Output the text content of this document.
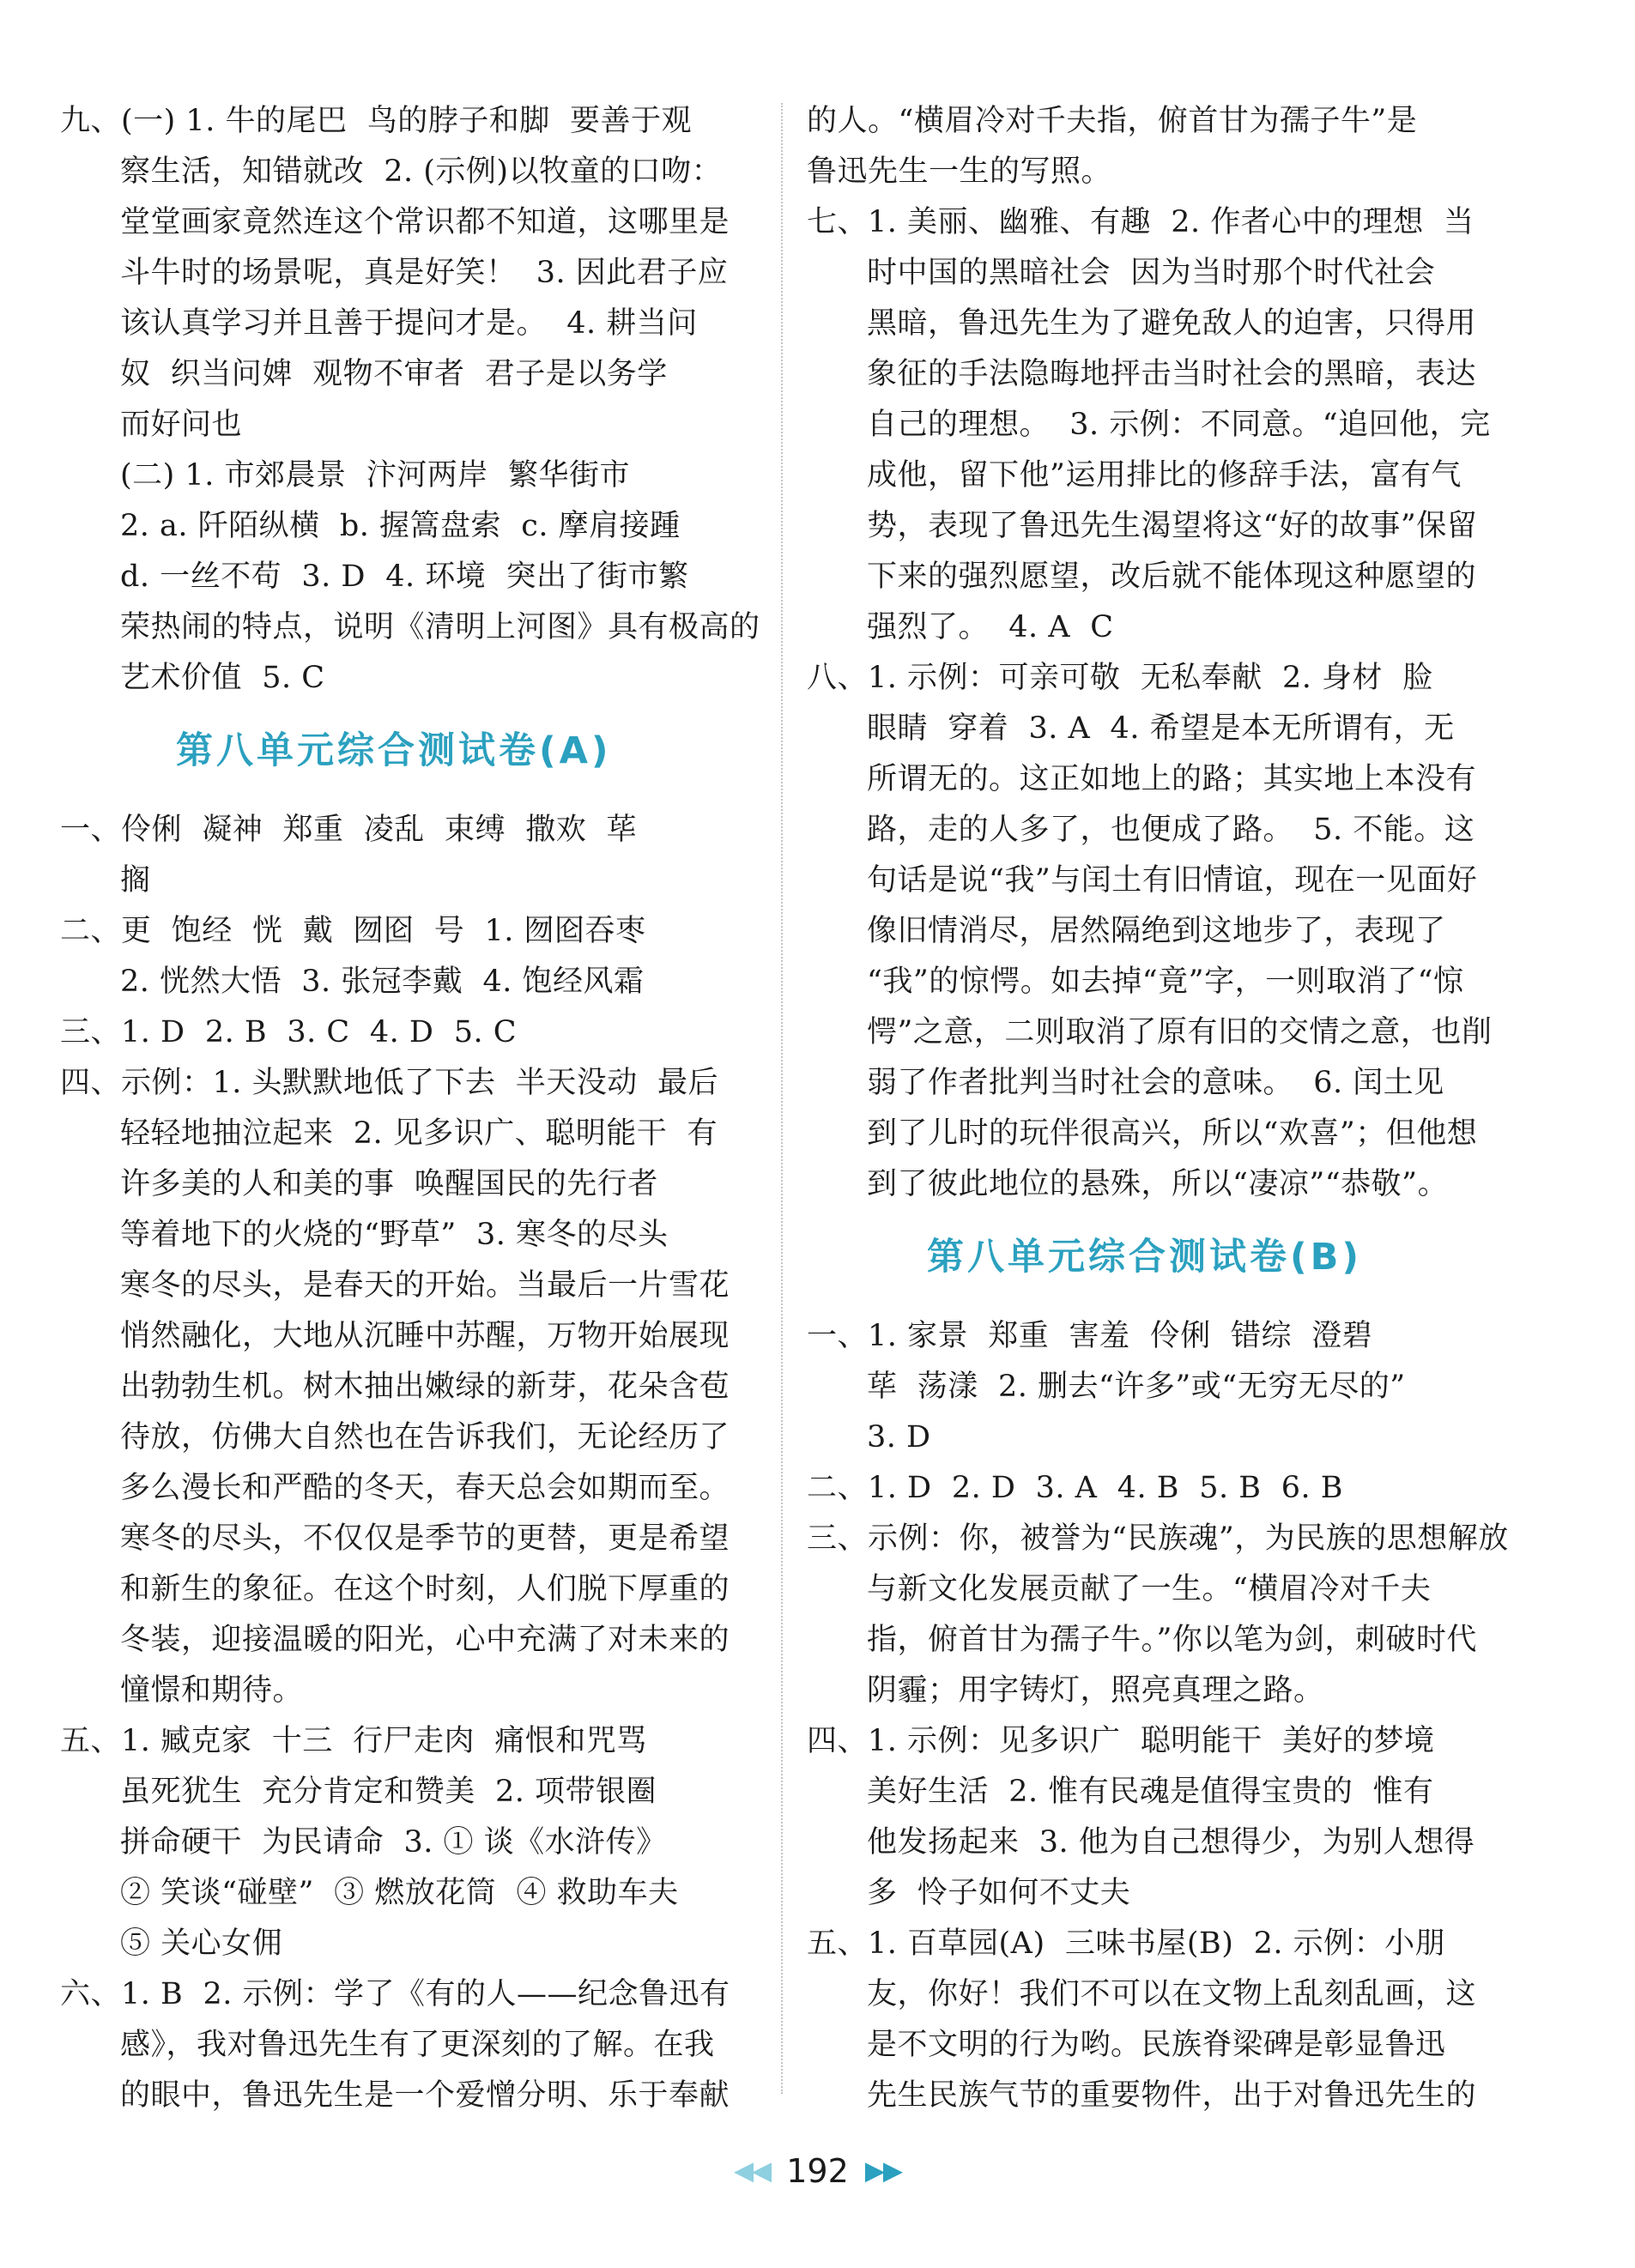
九、(一) 1. 牛的尾巴  鸟的脖子和脚  要善于观
察生活，知错就改  2. (示例)以牧童的口吻：
堂堂画家竟然连这个常识都不知道，这哪里是
斗牛时的场景呢，真是好笑！  3. 因此君子应
该认真学习并且善于提问才是。  4. 耕当问
奴  织当问婢  观物不审者  君子是以务学
而好问也
(二) 1. 市郊晨景  汴河两岸  繁华街市
2. a. 阡陌纵横  b. 握篙盘索  c. 摩肩接踵
d. 一丝不苟  3. D  4. 环境  突出了街市繁
荣热闹的特点，说明《清明上河图》具有极高的
艺术价值  5. C
第八单元综合测试卷(A)
一、伶俐  凝神  郑重  凌乱  束缚  撒欢  荜
搁
二、更  饱经  恍  戴  囫囵  号  1. 囫囵吞枣
2. 恍然大悟  3. 张冠李戴  4. 饱经风霜
三、1. D  2. B  3. C  4. D  5. C
四、示例：1. 头默默地低了下去  半天没动  最后
轻轻地抽泣起来  2. 见多识广、聪明能干  有
许多美的人和美的事  唤醒国民的先行者
等着地下的火烧的“野草”  3. 寒冬的尽头
寒冬的尽头，是春天的开始。当最后一片雪花
悄然融化，大地从沉睡中苏醒，万物开始展现
出勃勃生机。树木抽出嫩绿的新芽，花朵含苞
待放，仿佛大自然也在告诉我们，无论经历了
多么漫长和严酷的冬天，春天总会如期而至。
寒冬的尽头，不仅仅是季节的更替，更是希望
和新生的象征。在这个时刻，人们脱下厚重的
冬装，迎接温暖的阳光，心中充满了对未来的
憧憬和期待。
五、1. 臧克家  十三  行尸走肉  痛恨和咒骂
虽死犹生  充分肯定和赞美  2. 项带银圈
拼命硬干  为民请命  3. ① 谈《水浒传》
② 笑谈“碰壁”  ③ 燃放花筒  ④ 救助车夫
⑤ 关心女佣
六、1. B  2. 示例：学了《有的人——纪念鲁迅有
感》，我对鲁迅先生有了更深刻的了解。在我
的眼中，鲁迅先生是一个爱憎分明、乐于奉献
的人。“横眉冷对千夫指，俯首甘为孺子牛”是
鲁迅先生一生的写照。
七、1. 美丽、幽雅、有趣  2. 作者心中的理想  当
时中国的黑暗社会  因为当时那个时代社会
黑暗，鲁迅先生为了避免敌人的迫害，只得用
象征的手法隐晦地抨击当时社会的黑暗，表达
自己的理想。  3. 示例：不同意。“追回他，完
成他，留下他”运用排比的修辞手法，富有气
势，表现了鲁迅先生渴望将这“好的故事”保留
下来的强烈愿望，改后就不能体现这种愿望的
强烈了。  4. A  C
八、1. 示例：可亲可敬  无私奉献  2. 身材  脸
眼睛  穿着  3. A  4. 希望是本无所谓有，无
所谓无的。这正如地上的路；其实地上本没有
路，走的人多了，也便成了路。  5. 不能。这
句话是说“我”与闰土有旧情谊，现在一见面好
像旧情消尽，居然隔绝到这地步了，表现了
“我”的惊愕。如去掉“竟”字，一则取消了“惊
愕”之意，二则取消了原有旧的交情之意，也削
弱了作者批判当时社会的意味。  6. 闰土见
到了儿时的玩伴很高兴，所以“欢喜”；但他想
到了彼此地位的悬殊，所以“凄凉”“恭敬”。
第八单元综合测试卷(B)
一、1. 家景  郑重  害羞  伶俐  错综  澄碧
荜  荡漾  2. 删去“许多”或“无穷无尽的”
3. D
二、1. D  2. D  3. A  4. B  5. B  6. B
三、示例：你，被誉为“民族魂”，为民族的思想解放
与新文化发展贡献了一生。“横眉冷对千夫
指，俯首甘为孺子牛。”你以笔为剑，刺破时代
阴霾；用字铸灯，照亮真理之路。
四、1. 示例：见多识广  聪明能干  美好的梦境
美好生活  2. 惟有民魂是值得宝贵的  惟有
他发扬起来  3. 他为自己想得少，为别人想得
多  怜子如何不丈夫
五、1. 百草园(A)  三味书屋(B)  2. 示例：小朋
友，你好！我们不可以在文物上乱刻乱画，这
是不文明的行为哟。民族脊梁碑是彰显鲁迅
先生民族气节的重要物件，出于对鲁迅先生的
◀◀ 192 ▶▶
